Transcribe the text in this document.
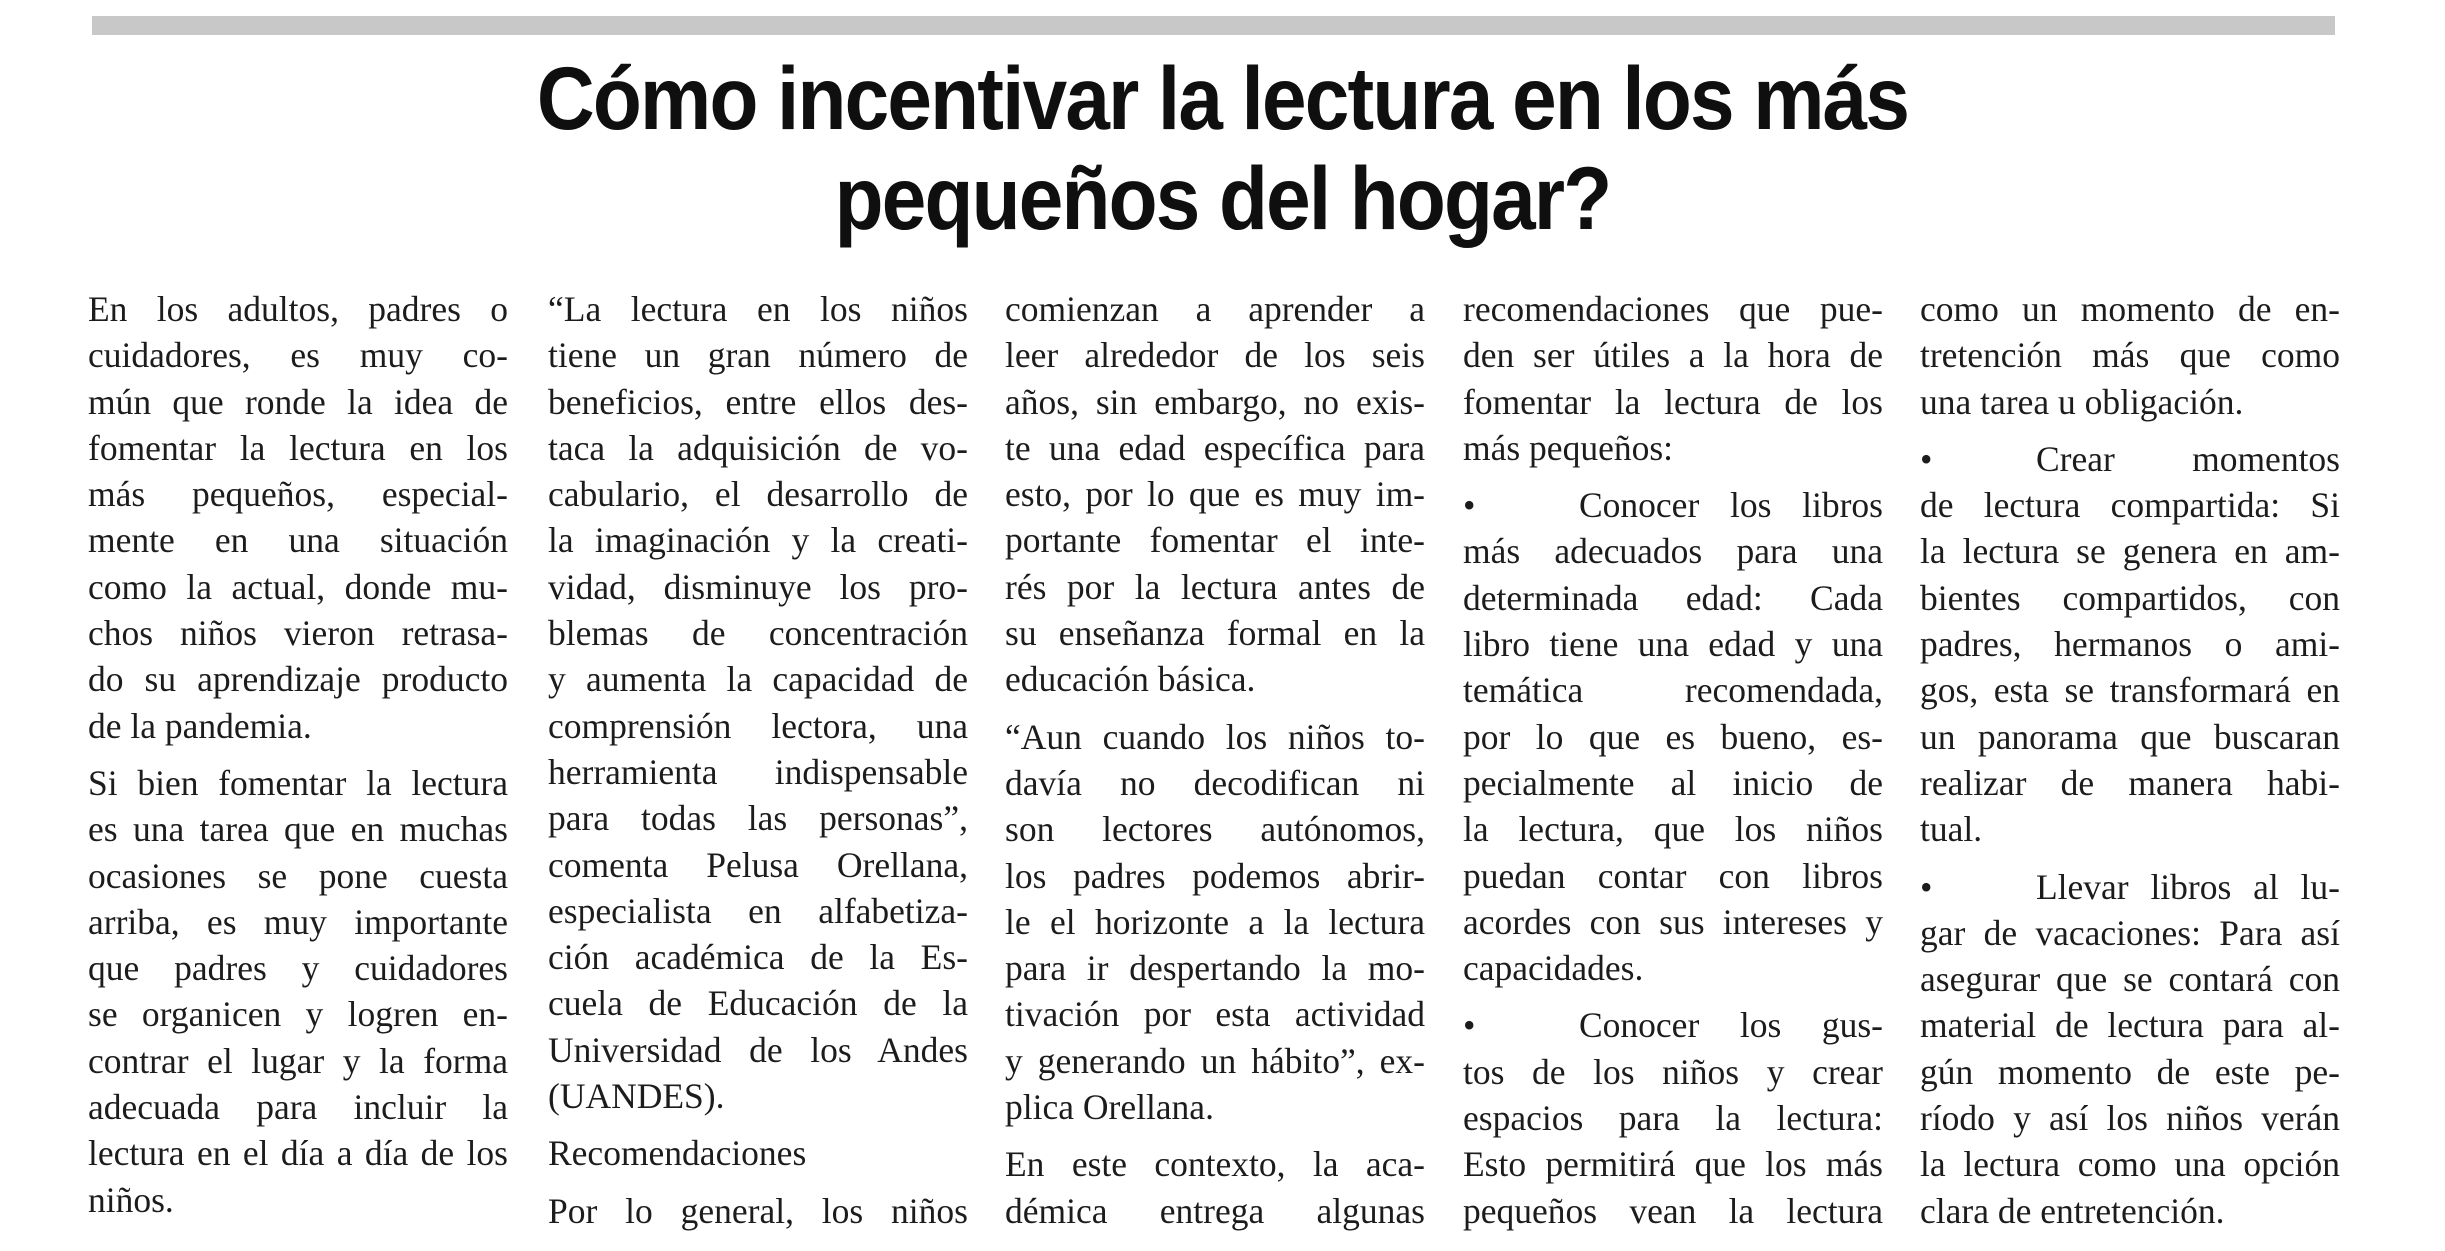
Cómo incentivar la lectura en los más
pequeños del hogar?
En los adultos, padres o
cuidadores, es muy co-
mún que ronde la idea de
fomentar la lectura en los
más pequeños, especial-
mente en una situación
como la actual, donde mu-
chos niños vieron retrasa-
do su aprendizaje producto
de la pandemia.
Si bien fomentar la lectura
es una tarea que en muchas
ocasiones se pone cuesta
arriba, es muy importante
que padres y cuidadores
se organicen y logren en-
contrar el lugar y la forma
adecuada para incluir la
lectura en el día a día de los
niños.
“La lectura en los niños
tiene un gran número de
beneficios, entre ellos des-
taca la adquisición de vo-
cabulario, el desarrollo de
la imaginación y la creati-
vidad, disminuye los pro-
blemas de concentración
y aumenta la capacidad de
comprensión lectora, una
herramienta indispensable
para todas las personas”,
comenta Pelusa Orellana,
especialista en alfabetiza-
ción académica de la Es-
cuela de Educación de la
Universidad de los Andes
(UANDES).
Recomendaciones
Por lo general, los niños
comienzan a aprender a
leer alrededor de los seis
años, sin embargo, no exis-
te una edad específica para
esto, por lo que es muy im-
portante fomentar el inte-
rés por la lectura antes de
su enseñanza formal en la
educación básica.
“Aun cuando los niños to-
davía no decodifican ni
son lectores autónomos,
los padres podemos abrir-
le el horizonte a la lectura
para ir despertando la mo-
tivación por esta actividad
y generando un hábito”, ex-
plica Orellana.
En este contexto, la aca-
démica entrega algunas
recomendaciones que pue-
den ser útiles a la hora de
fomentar la lectura de los
más pequeños:
•	Conocer los libros
más adecuados para una
determinada edad: Cada
libro tiene una edad y una
temática recomendada,
por lo que es bueno, es-
pecialmente al inicio de
la lectura, que los niños
puedan contar con libros
acordes con sus intereses y
capacidades.
•	Conocer los gus-
tos de los niños y crear
espacios para la lectura:
Esto permitirá que los más
pequeños vean la lectura
como un momento de en-
tretención más que como
una tarea u obligación.
•	Crear momentos
de lectura compartida: Si
la lectura se genera en am-
bientes compartidos, con
padres, hermanos o ami-
gos, esta se transformará en
un panorama que buscaran
realizar de manera habi-
tual.
•	Llevar libros al lu-
gar de vacaciones: Para así
asegurar que se contará con
material de lectura para al-
gún momento de este pe-
ríodo y así los niños verán
la lectura como una opción
clara de entretención.
